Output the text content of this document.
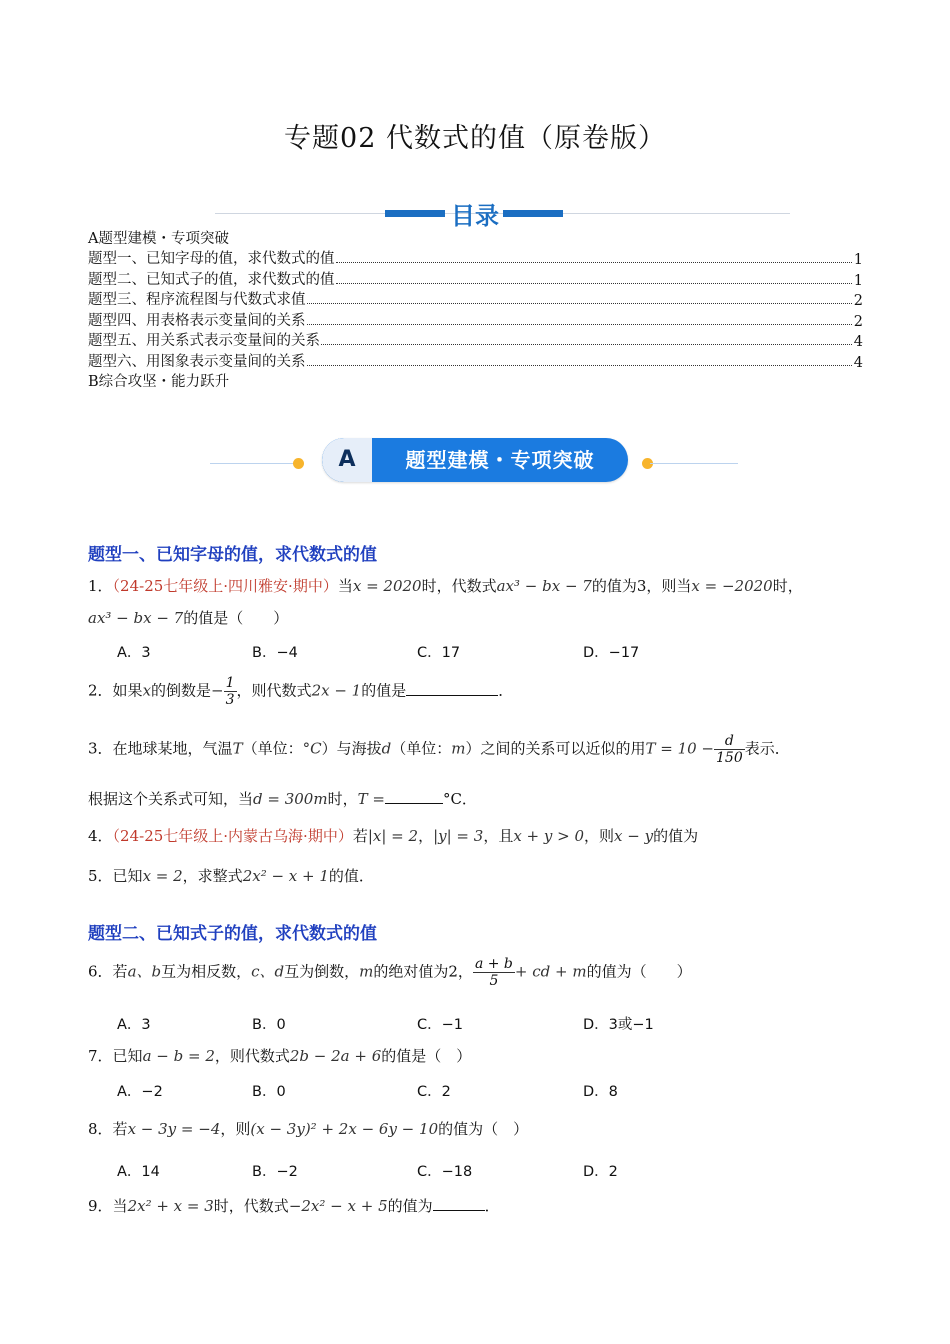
专题02 代数式的值（原卷版）
目录
A题型建模・专项突破
题型一、已知字母的值，求代数式的值	1
题型二、已知式子的值，求代数式的值	1
题型三、程序流程图与代数式求值	2
题型四、用表格表示变量间的关系	2
题型五、用关系式表示变量间的关系	4
题型六、用图象表示变量间的关系	4
B综合攻坚・能力跃升
A	题型建模・专项突破
题型一、已知字母的值，求代数式的值
1．（24-25七年级上·四川雅安·期中）当x = 2020时，代数式ax³ − bx − 7的值为3，则当x = −2020时，
ax³ − bx − 7的值是（　　）
A．3	B．−4	C．17	D．−17
2．如果x的倒数是− $\frac{1}{3}$ ，则代数式2x − 1的值是	．
3．在地球某地，气温T（单位：°C）与海拔d（单位：m）之间的关系可以近似的用$T = 10 - \frac{d}{150}$ 表示．
根据这个关系式可知，当d = 300m时，T =	°C．
4．（24-25七年级上·内蒙古乌海·期中）若|x| = 2，|y| = 3，且x + y > 0，则x − y的值为
5．已知x = 2，求整式2x² − x + 1的值．
题型二、已知式子的值，求代数式的值
6．若a、b互为相反数，c、d互为倒数，m的绝对值为2， $\frac{a + b}{5}$ + cd + m的值为（　　）
A．3	B．0	C．−1	D．3或−1
7．已知a − b = 2，则代数式2b − 2a + 6的值是（　）
A．−2	B．0	C．2	D．8
8．若x − 3y = −4，则(x − 3y)² + 2x − 6y − 10的值为（　）
A．14	B．−2	C．−18	D．2
9．当2x² + x = 3时，代数式−2x² − x + 5的值为	．
